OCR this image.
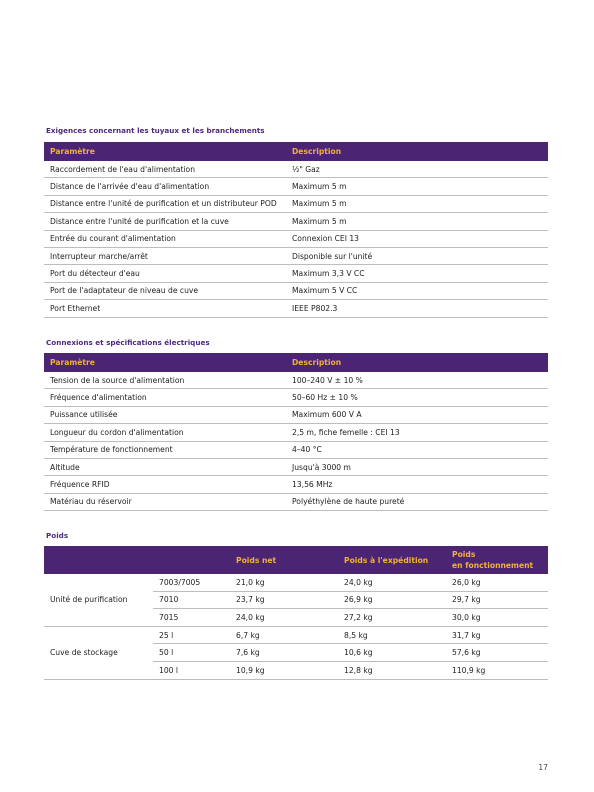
Exigences concernant les tuyaux et les branchements
Paramètre	Description
Raccordement de l'eau d'alimentation	½" Gaz
Distance de l'arrivée d'eau d'alimentation	Maximum 5 m
Distance entre l'unité de purification et un distributeur POD	Maximum 5 m
Distance entre l'unité de purification et la cuve	Maximum 5 m
Entrée du courant d'alimentation	Connexion CEI 13
Interrupteur marche/arrêt	Disponible sur l'unité
Port du détecteur d'eau	Maximum 3,3 V CC
Port de l'adaptateur de niveau de cuve	Maximum 5 V CC
Port Ethernet	IEEE P802.3
Connexions et spécifications électriques
Paramètre	Description
Tension de la source d'alimentation	100–240 V ± 10 %
Fréquence d'alimentation	50–60 Hz ± 10 %
Puissance utilisée	Maximum 600 V A
Longueur du cordon d'alimentation	2,5 m, fiche femelle : CEI 13
Température de fonctionnement	4–40 °C
Altitude	Jusqu'à 3000 m
Fréquence RFID	13,56 MHz
Matériau du réservoir	Polyéthylène de haute pureté
Poids
		Poids net	Poids à l'expédition	Poids
en fonctionnement
Unité de purification	7003/7005	21,0 kg	24,0 kg	26,0 kg
	7010	23,7 kg	26,9 kg	29,7 kg
	7015	24,0 kg	27,2 kg	30,0 kg
Cuve de stockage	25 l	6,7 kg	8,5 kg	31,7 kg
	50 l	7,6 kg	10,6 kg	57,6 kg
	100 l	10,9 kg	12,8 kg	110,9 kg
17
